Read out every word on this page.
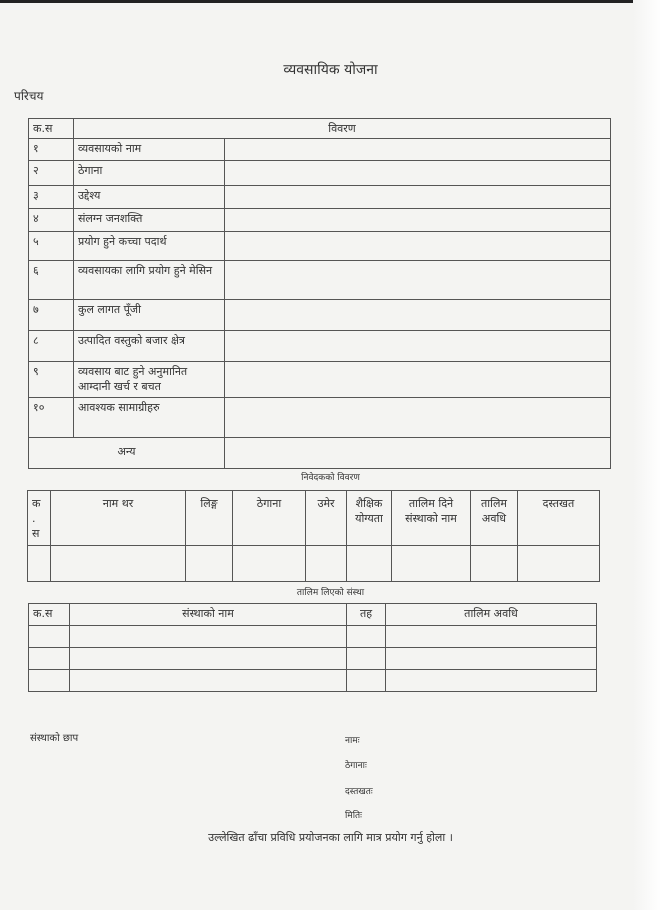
व्यवसायिक योजना
परिचय
क.स	विवरण	
१	व्यवसायको नाम	
२	ठेगाना	
३	उद्देश्य	
४	संलग्न जनशक्ति	
५	प्रयोग हुने कच्चा पदार्थ	
६	व्यवसायका लागि प्रयोग हुने मेसिन	
७	कुल लागत पूँजी	
८	उत्पादित वस्तुको बजार क्षेत्र	
९	व्यवसाय बाट हुने अनुमानित आम्दानी खर्च र बचत	
१०	आवश्यक सामाग्रीहरु	
अन्य		
निवेदकको विवरण
क . स	नाम थर	लिङ्ग	ठेगाना	उमेर	शैक्षिक योग्यता	तालिम दिने संस्थाको नाम	तालिम अवधि	दस्तखत

तालिम लिएको संस्था
क.स	संस्थाको नाम	तह	तालिम अवधि

संस्थाको छाप	नामः
ठेगानाः
दस्तखतः
मितिः
उल्लेखित ढाँचा प्रविधि प्रयोजनका लागि मात्र प्रयोग गर्नु होला ।
